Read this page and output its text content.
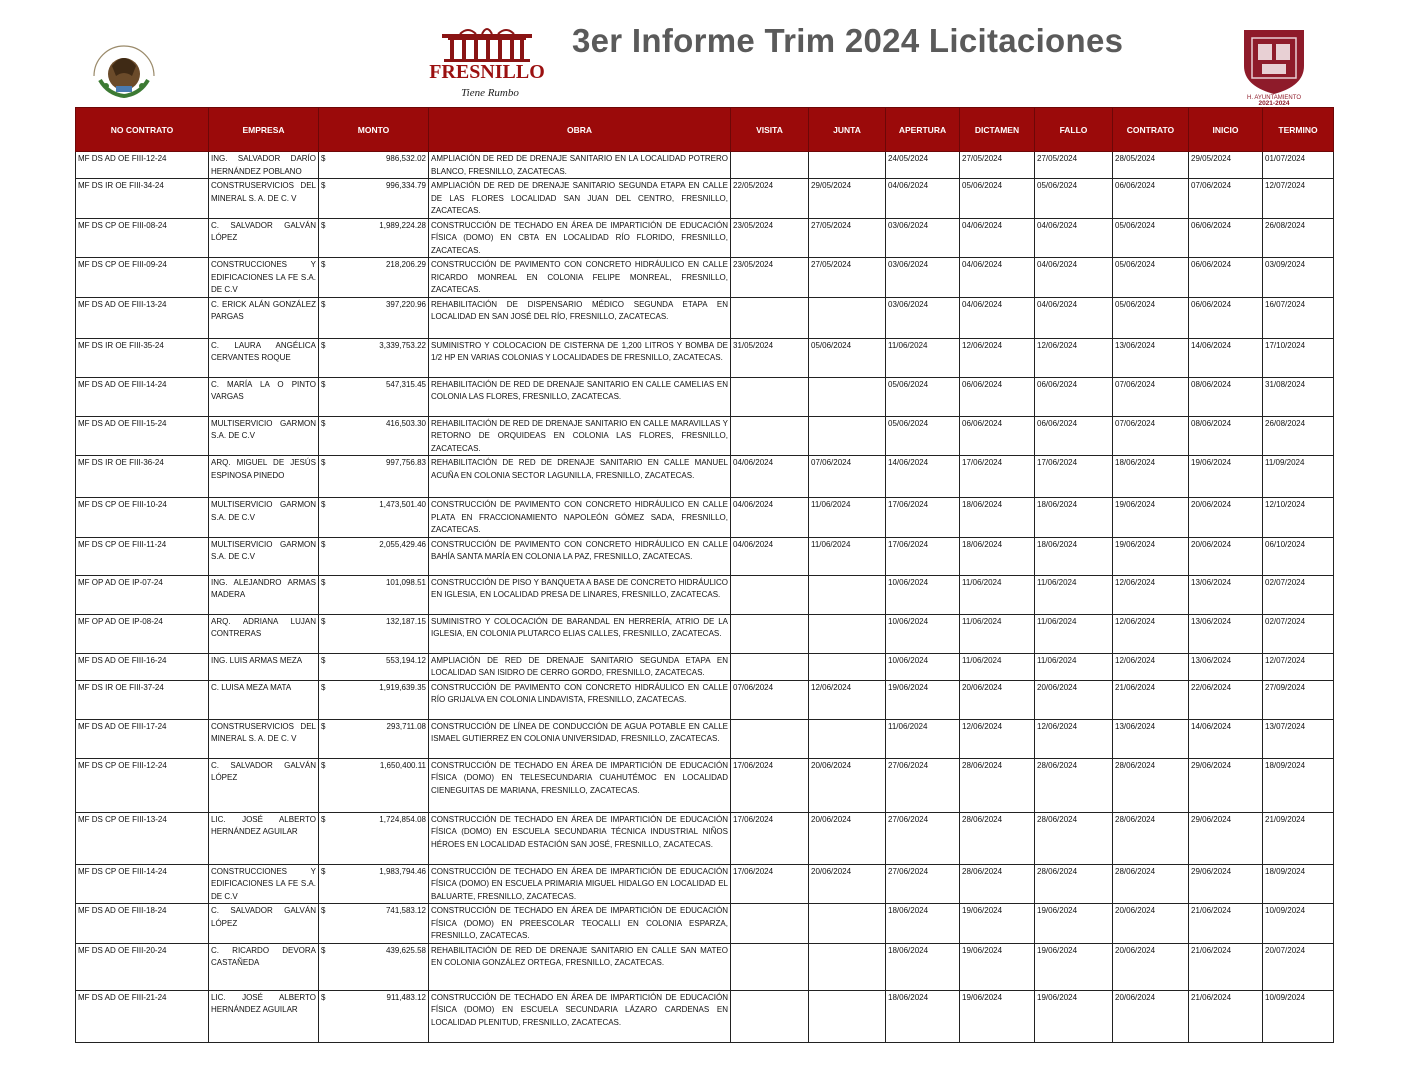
FRESNILLO
Tiene Rumbo
3er Informe Trim 2024 Licitaciones
H. AYUNTAMIENTO
2021-2024
NO CONTRATO	EMPRESA	MONTO	OBRA	VISITA	JUNTA	APERTURA	DICTAMEN	FALLO	CONTRATO	INICIO	TERMINO
MF DS AD OE FIII-12-24	ING. SALVADOR DARÍO HERNÁNDEZ POBLANO	$ 986,532.02	AMPLIACIÓN DE RED DE DRENAJE SANITARIO EN LA LOCALIDAD POTRERO BLANCO, FRESNILLO, ZACATECAS.			24/05/2024	27/05/2024	27/05/2024	28/05/2024	29/05/2024	01/07/2024
MF DS IR OE FIII-34-24	CONSTRUSERVICIOS DEL MINERAL S. A. DE C. V	$ 996,334.79	AMPLIACIÓN DE RED DE DRENAJE SANITARIO SEGUNDA ETAPA EN CALLE DE LAS FLORES LOCALIDAD SAN JUAN DEL CENTRO, FRESNILLO, ZACATECAS.	22/05/2024	29/05/2024	04/06/2024	05/06/2024	05/06/2024	06/06/2024	07/06/2024	12/07/2024
MF DS CP OE FIII-08-24	C. SALVADOR GALVÁN LÓPEZ	$ 1,989,224.28	CONSTRUCCIÓN DE TECHADO EN ÁREA DE IMPARTICIÓN DE EDUCACIÓN FÍSICA (DOMO) EN CBTA EN LOCALIDAD RÍO FLORIDO, FRESNILLO, ZACATECAS.	23/05/2024	27/05/2024	03/06/2024	04/06/2024	04/06/2024	05/06/2024	06/06/2024	26/08/2024
MF DS CP OE FIII-09-24	CONSTRUCCIONES Y EDIFICACIONES LA FE S.A. DE C.V	$ 218,206.29	CONSTRUCCIÓN DE PAVIMENTO CON CONCRETO HIDRÁULICO EN CALLE RICARDO MONREAL EN COLONIA FELIPE MONREAL, FRESNILLO, ZACATECAS.	23/05/2024	27/05/2024	03/06/2024	04/06/2024	04/06/2024	05/06/2024	06/06/2024	03/09/2024
MF DS AD OE FIII-13-24	C. ERICK ALÁN GONZÁLEZ PARGAS	$ 397,220.96	REHABILITACIÓN DE DISPENSARIO MÉDICO SEGUNDA ETAPA EN LOCALIDAD EN SAN JOSÉ DEL RÍO, FRESNILLO, ZACATECAS.			03/06/2024	04/06/2024	04/06/2024	05/06/2024	06/06/2024	16/07/2024
MF DS IR OE FIII-35-24	C. LAURA ANGÉLICA CERVANTES ROQUE	$ 3,339,753.22	SUMINISTRO Y COLOCACION DE CISTERNA DE 1,200 LITROS Y BOMBA DE 1/2 HP EN VARIAS COLONIAS Y LOCALIDADES DE FRESNILLO, ZACATECAS.	31/05/2024	05/06/2024	11/06/2024	12/06/2024	12/06/2024	13/06/2024	14/06/2024	17/10/2024
MF DS AD OE FIII-14-24	C. MARÍA LA O PINTO VARGAS	$ 547,315.45	REHABILITACIÓN DE RED DE DRENAJE SANITARIO EN CALLE CAMELIAS EN COLONIA LAS FLORES, FRESNILLO, ZACATECAS.			05/06/2024	06/06/2024	06/06/2024	07/06/2024	08/06/2024	31/08/2024
MF DS AD OE FIII-15-24	MULTISERVICIO GARMON S.A. DE C.V	$ 416,503.30	REHABILITACIÓN DE RED DE DRENAJE SANITARIO EN CALLE MARAVILLAS Y RETORNO DE ORQUIDEAS EN COLONIA LAS FLORES, FRESNILLO, ZACATECAS.			05/06/2024	06/06/2024	06/06/2024	07/06/2024	08/06/2024	26/08/2024
MF DS IR OE FIII-36-24	ARQ. MIGUEL DE JESÚS ESPINOSA PINEDO	$ 997,756.83	REHABILITACIÓN DE RED DE DRENAJE SANITARIO EN CALLE MANUEL ACUÑA EN COLONIA SECTOR LAGUNILLA, FRESNILLO, ZACATECAS.	04/06/2024	07/06/2024	14/06/2024	17/06/2024	17/06/2024	18/06/2024	19/06/2024	11/09/2024
MF DS CP OE FIII-10-24	MULTISERVICIO GARMON S.A. DE C.V	$ 1,473,501.40	CONSTRUCCIÓN DE PAVIMENTO CON CONCRETO HIDRÁULICO EN CALLE PLATA EN FRACCIONAMIENTO NAPOLEÓN GÓMEZ SADA, FRESNILLO, ZACATECAS.	04/06/2024	11/06/2024	17/06/2024	18/06/2024	18/06/2024	19/06/2024	20/06/2024	12/10/2024
MF DS CP OE FIII-11-24	MULTISERVICIO GARMON S.A. DE C.V	$ 2,055,429.46	CONSTRUCCIÓN DE PAVIMENTO CON CONCRETO HIDRÁULICO EN CALLE BAHÍA SANTA MARÍA EN COLONIA LA PAZ, FRESNILLO, ZACATECAS.	04/06/2024	11/06/2024	17/06/2024	18/06/2024	18/06/2024	19/06/2024	20/06/2024	06/10/2024
MF OP AD OE IP-07-24	ING. ALEJANDRO ARMAS MADERA	$ 101,098.51	CONSTRUCCIÓN DE PISO Y BANQUETA A BASE DE CONCRETO HIDRÁULICO EN IGLESIA, EN LOCALIDAD PRESA DE LINARES, FRESNILLO, ZACATECAS.			10/06/2024	11/06/2024	11/06/2024	12/06/2024	13/06/2024	02/07/2024
MF OP AD OE IP-08-24	ARQ. ADRIANA LUJAN CONTRERAS	$ 132,187.15	SUMINISTRO Y COLOCACIÓN DE BARANDAL EN HERRERÍA, ATRIO DE LA IGLESIA, EN COLONIA PLUTARCO ELIAS CALLES, FRESNILLO, ZACATECAS.			10/06/2024	11/06/2024	11/06/2024	12/06/2024	13/06/2024	02/07/2024
MF DS AD OE FIII-16-24	ING. LUIS ARMAS MEZA	$ 553,194.12	AMPLIACIÓN DE RED DE DRENAJE SANITARIO SEGUNDA ETAPA EN LOCALIDAD SAN ISIDRO DE CERRO GORDO, FRESNILLO, ZACATECAS.			10/06/2024	11/06/2024	11/06/2024	12/06/2024	13/06/2024	12/07/2024
MF DS IR OE FIII-37-24	C. LUISA MEZA MATA	$ 1,919,639.35	CONSTRUCCIÓN DE PAVIMENTO CON CONCRETO HIDRÁULICO EN CALLE RÍO GRIJALVA EN COLONIA LINDAVISTA, FRESNILLO, ZACATECAS.	07/06/2024	12/06/2024	19/06/2024	20/06/2024	20/06/2024	21/06/2024	22/06/2024	27/09/2024
MF DS AD OE FIII-17-24	CONSTRUSERVICIOS DEL MINERAL S. A. DE C. V	$ 293,711.08	CONSTRUCCIÓN DE LÍNEA DE CONDUCCIÓN DE AGUA POTABLE EN CALLE ISMAEL GUTIERREZ EN COLONIA UNIVERSIDAD, FRESNILLO, ZACATECAS.			11/06/2024	12/06/2024	12/06/2024	13/06/2024	14/06/2024	13/07/2024
MF DS CP OE FIII-12-24	C. SALVADOR GALVÁN LÓPEZ	$ 1,650,400.11	CONSTRUCCIÓN DE TECHADO EN ÁREA DE IMPARTICIÓN DE EDUCACIÓN FÍSICA (DOMO) EN TELESECUNDARIA CUAHUTÉMOC EN LOCALIDAD CIENEGUITAS DE MARIANA, FRESNILLO, ZACATECAS.	17/06/2024	20/06/2024	27/06/2024	28/06/2024	28/06/2024	28/06/2024	29/06/2024	18/09/2024
MF DS CP OE FIII-13-24	LIC. JOSÉ ALBERTO HERNÁNDEZ AGUILAR	$ 1,724,854.08	CONSTRUCCIÓN DE TECHADO EN ÁREA DE IMPARTICIÓN DE EDUCACIÓN FÍSICA (DOMO) EN ESCUELA SECUNDARIA TÉCNICA INDUSTRIAL NIÑOS HÉROES EN LOCALIDAD ESTACIÓN SAN JOSÉ, FRESNILLO, ZACATECAS.	17/06/2024	20/06/2024	27/06/2024	28/06/2024	28/06/2024	28/06/2024	29/06/2024	21/09/2024
MF DS CP OE FIII-14-24	CONSTRUCCIONES Y EDIFICACIONES LA FE S.A. DE C.V	$ 1,983,794.46	CONSTRUCCIÓN DE TECHADO EN ÁREA DE IMPARTICIÓN DE EDUCACIÓN FÍSICA (DOMO) EN ESCUELA PRIMARIA MIGUEL HIDALGO EN LOCALIDAD EL BALUARTE, FRESNILLO, ZACATECAS.	17/06/2024	20/06/2024	27/06/2024	28/06/2024	28/06/2024	28/06/2024	29/06/2024	18/09/2024
MF DS AD OE FIII-18-24	C. SALVADOR GALVÁN LÓPEZ	$ 741,583.12	CONSTRUCCIÓN DE TECHADO EN ÁREA DE IMPARTICIÓN DE EDUCACIÓN FÍSICA (DOMO) EN PREESCOLAR TEOCALLI EN COLONIA ESPARZA, FRESNILLO, ZACATECAS.			18/06/2024	19/06/2024	19/06/2024	20/06/2024	21/06/2024	10/09/2024
MF DS AD OE FIII-20-24	C. RICARDO DEVORA CASTAÑEDA	$ 439,625.58	REHABILITACIÓN DE RED DE DRENAJE SANITARIO EN CALLE SAN MATEO EN COLONIA GONZÁLEZ ORTEGA, FRESNILLO, ZACATECAS.			18/06/2024	19/06/2024	19/06/2024	20/06/2024	21/06/2024	20/07/2024
MF DS AD OE FIII-21-24	LIC. JOSÉ ALBERTO HERNÁNDEZ AGUILAR	$ 911,483.12	CONSTRUCCIÓN DE TECHADO EN ÁREA DE IMPARTICIÓN DE EDUCACIÓN FÍSICA (DOMO) EN ESCUELA SECUNDARIA LÁZARO CARDENAS EN LOCALIDAD PLENITUD, FRESNILLO, ZACATECAS.			18/06/2024	19/06/2024	19/06/2024	20/06/2024	21/06/2024	10/09/2024
